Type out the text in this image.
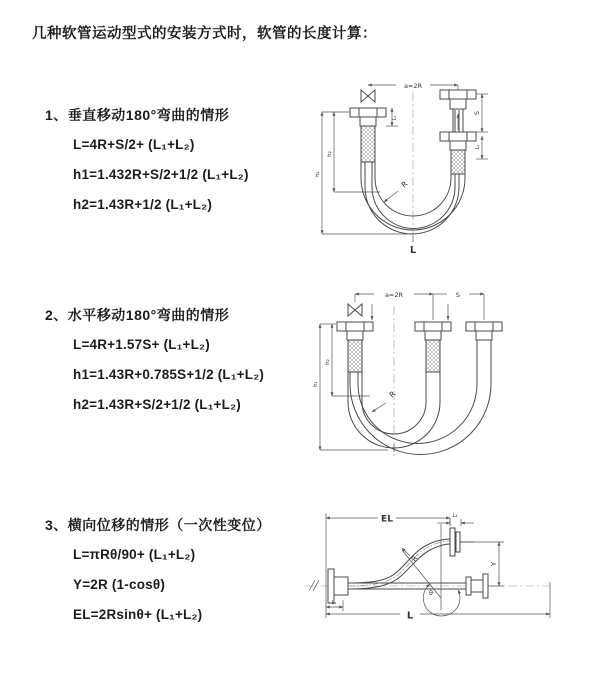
几种软管运动型式的安装方式时，软管的长度计算：
1、垂直移动180°弯曲的情形
L=4R+S/2+ (L₁+L₂)
h1=1.432R+S/2+1/2 (L₁+L₂)
h2=1.43R+1/2 (L₁+L₂)
2、水平移动180°弯曲的情形
L=4R+1.57S+ (L₁+L₂)
h1=1.43R+0.785S+1/2 (L₁+L₂)
h2=1.43R+S/2+1/2 (L₁+L₂)
3、横向位移的情形（一次性变位）
L=πRθ/90+ (L₁+L₂)
Y=2R (1-cosθ)
EL=2Rsinθ+ (L₁+L₂)
a=2R
S
L₁
h₁
h₂
L₁
R
L
a=2R	S
h₁
h₂
R
EL	L₁
Y
θ
R
L₁
L
